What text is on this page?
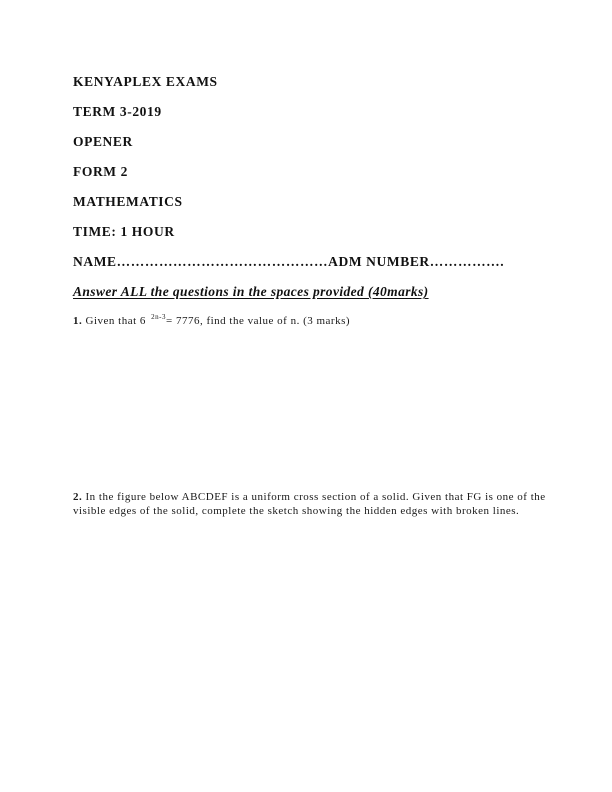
KENYAPLEX EXAMS
TERM 3-2019
OPENER
FORM 2
MATHEMATICS
TIME: 1 HOUR
NAME………………………………………ADM NUMBER…………….
Answer ALL the questions in the spaces provided (40marks)
1. Given that 6 $^{2n-3}$= 7776, find the value of n. (3 marks)
2. In the figure below ABCDEF is a uniform cross section of a solid. Given that FG is one of the visible edges of the solid, complete the sketch showing the hidden edges with broken lines.
